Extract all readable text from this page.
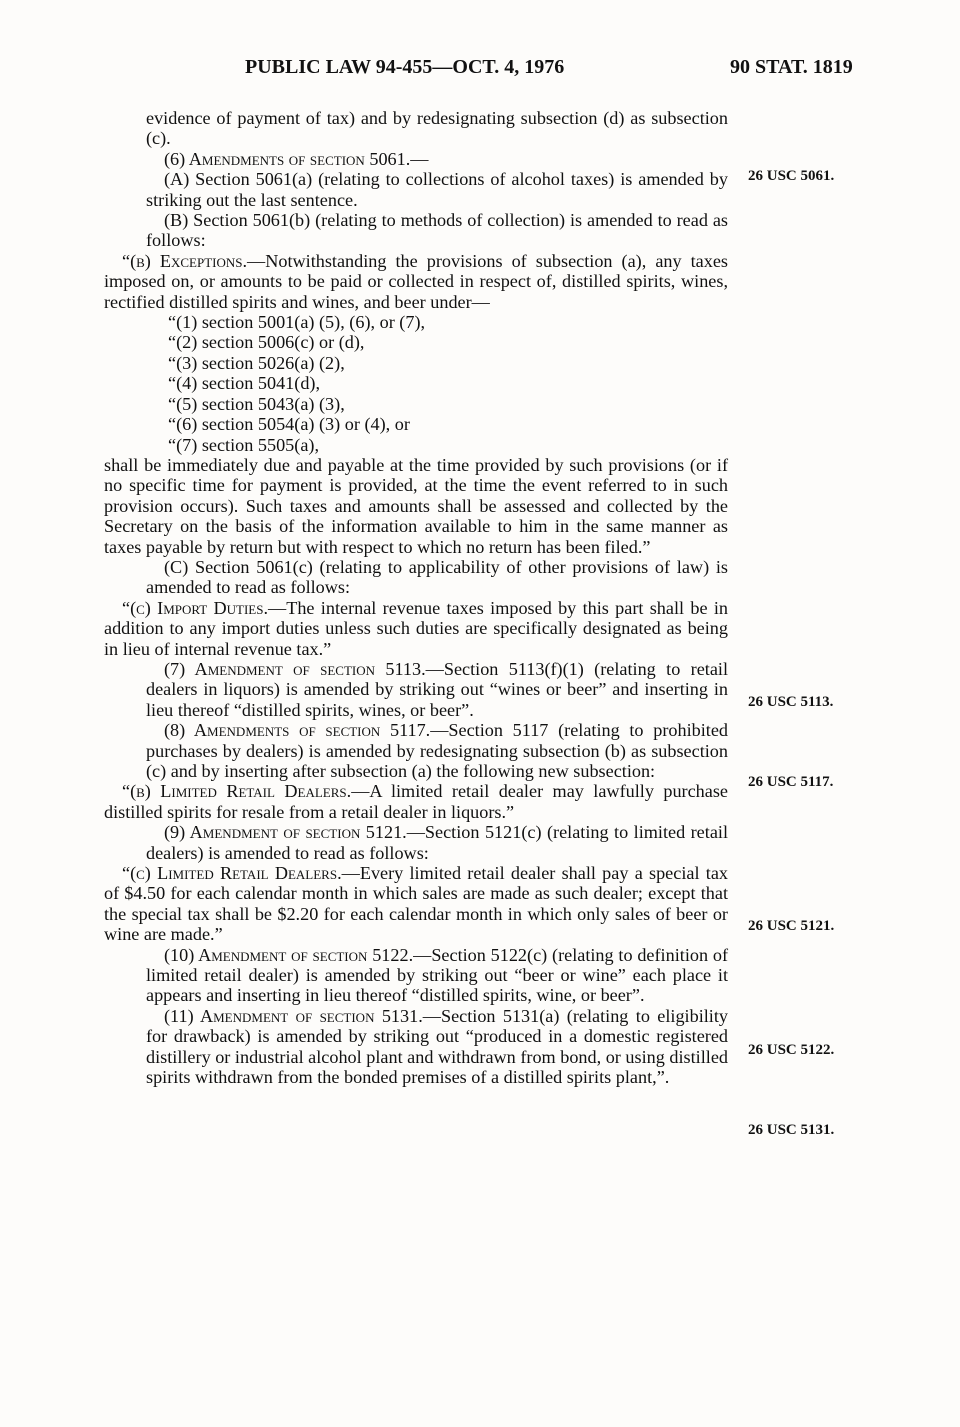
PUBLIC LAW 94-455—OCT. 4, 1976	90 STAT. 1819

evidence of payment of tax) and by redesignating subsection (d) as subsection (c).

(6) Amendments of section 5061.—

(A) Section 5061(a) (relating to collections of alcohol taxes) is amended by striking out the last sentence.

(B) Section 5061(b) (relating to methods of collection) is amended to read as follows:

“(b) Exceptions.—Notwithstanding the provisions of subsection (a), any taxes imposed on, or amounts to be paid or collected in respect of, distilled spirits, wines, rectified distilled spirits and wines, and beer under—

“(1) section 5001(a) (5), (6), or (7),

“(2) section 5006(c) or (d),

“(3) section 5026(a) (2),

“(4) section 5041(d),

“(5) section 5043(a) (3),

“(6) section 5054(a) (3) or (4), or

“(7) section 5505(a),

shall be immediately due and payable at the time provided by such provisions (or if no specific time for payment is provided, at the time the event referred to in such provision occurs). Such taxes and amounts shall be assessed and collected by the Secretary on the basis of the information available to him in the same manner as taxes payable by return but with respect to which no return has been filed.”

(C) Section 5061(c) (relating to applicability of other provisions of law) is amended to read as follows:

“(c) Import Duties.—The internal revenue taxes imposed by this part shall be in addition to any import duties unless such duties are specifically designated as being in lieu of internal revenue tax.”

(7) Amendment of section 5113.—Section 5113(f)(1) (relating to retail dealers in liquors) is amended by striking out “wines or beer” and inserting in lieu thereof “distilled spirits, wines, or beer”.

(8) Amendments of section 5117.—Section 5117 (relating to prohibited purchases by dealers) is amended by redesignating subsection (b) as subsection (c) and by inserting after subsection (a) the following new subsection:

“(b) Limited Retail Dealers.—A limited retail dealer may lawfully purchase distilled spirits for resale from a retail dealer in liquors.”

(9) Amendment of section 5121.—Section 5121(c) (relating to limited retail dealers) is amended to read as follows:

“(c) Limited Retail Dealers.—Every limited retail dealer shall pay a special tax of $4.50 for each calendar month in which sales are made as such dealer; except that the special tax shall be $2.20 for each calendar month in which only sales of beer or wine are made.”

(10) Amendment of section 5122.—Section 5122(c) (relating to definition of limited retail dealer) is amended by striking out “beer or wine” each place it appears and inserting in lieu thereof “distilled spirits, wine, or beer”.

(11) Amendment of section 5131.—Section 5131(a) (relating to eligibility for drawback) is amended by striking out “produced in a domestic registered distillery or industrial alcohol plant and withdrawn from bond, or using distilled spirits withdrawn from the bonded premises of a distilled spirits plant,”.

26 USC 5061.
26 USC 5113.
26 USC 5117.
26 USC 5121.
26 USC 5122.
26 USC 5131.
